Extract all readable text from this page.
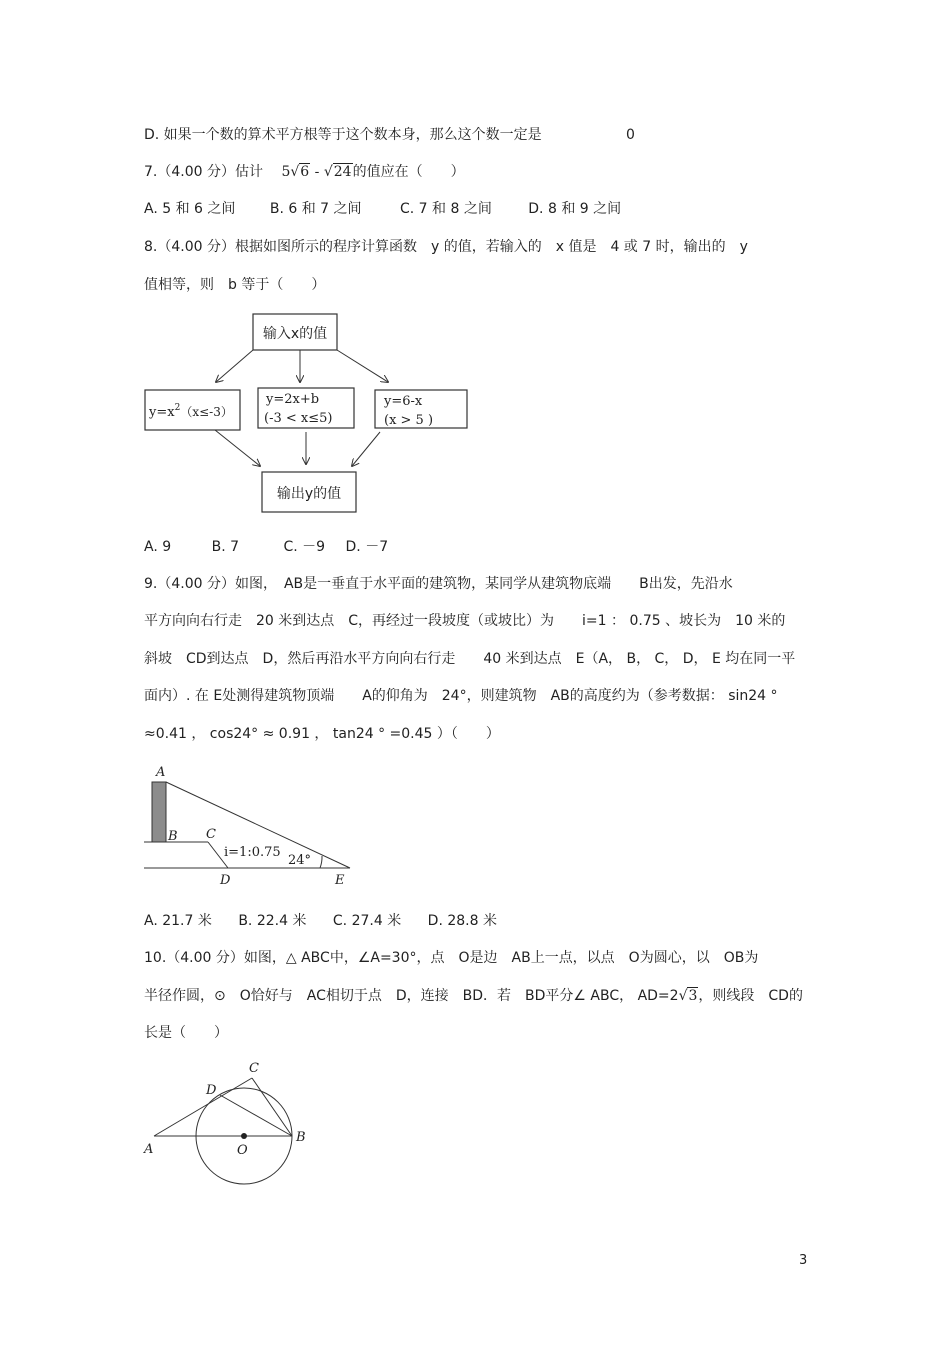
D. 如果一个数的算术平方根等于这个数本身，那么这个数一定是	0
7.（4.00 分）估计 5√6 - √24的值应在（　　）
A. 5 和 6 之间 B. 6 和 7 之间	C. 7 和 8 之间	D. 8 和 9 之间
8.（4.00 分）根据如图所示的程序计算函数　y 的值，若输入的　x 值是　4 或 7 时，输出的　y
值相等，则　b 等于（　　）
输入x的值
$y=x^2(x\le-3)$
y=2x+b
(-3 < x≤5)
y=6-x
(x > 5 )
输出y的值
A. 9	B. 7	C. －9 D. －7
9.（4.00 分）如图，　AB是一垂直于水平面的建筑物，某同学从建筑物底端　　B出发，先沿水
平方向向右行走　20 米到达点　C，再经过一段坡度（或坡比）为　　i=1 ： 0.75 、坡长为　10 米的
斜坡　CD到达点　D，然后再沿水平方向向右行走　　40 米到达点　E（A， B， C， D， E 均在同一平
面内）. 在 E处测得建筑物顶端　　A的仰角为　24°，则建筑物　AB的高度约为（参考数据： sin24 °
≈0.41 ， cos24° ≈ 0.91 ， tan24 ° =0.45 ）（　　）
A
B C
D	E
i=1:0.75
24°
A. 21.7 米 B. 22.4 米 C. 27.4 米 D. 28.8 米
10.（4.00 分）如图，△ ABC中，∠A=30°，点　O是边　AB上一点，以点　O为圆心，以　OB为
半径作圆，⊙　O恰好与　AC相切于点　D，连接　BD．若　BD平分∠ ABC， AD=2√3，则线段　CD的
长是（　　）
A
B
C
D
O
3
